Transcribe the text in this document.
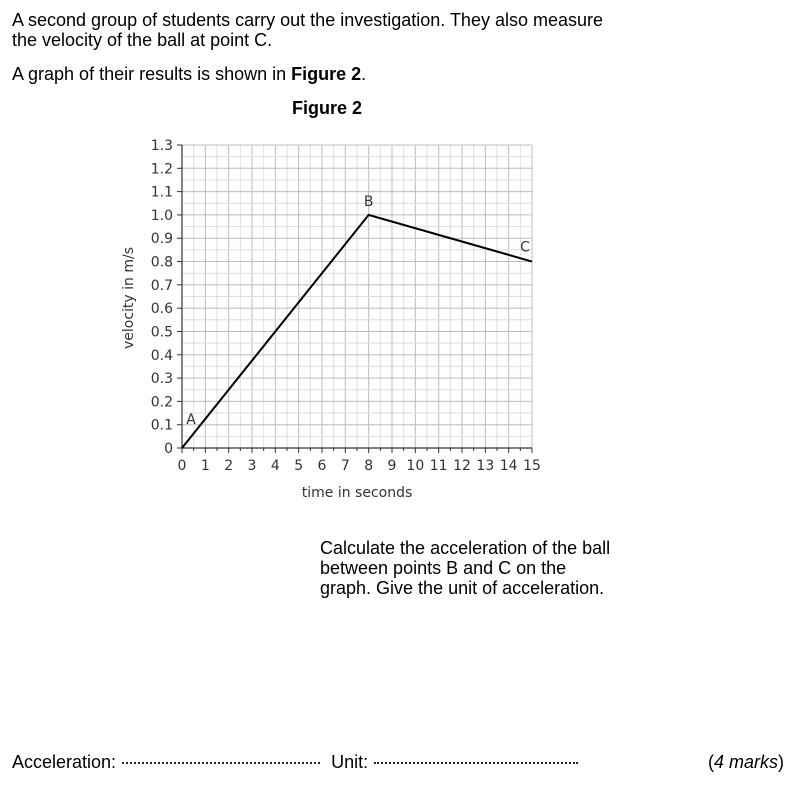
A second group of students carry out the investigation. They also measure the velocity of the ball at point C.

A graph of their results is shown in Figure 2.

Figure 2
0 1 2 3 4 5 6 7 8 9 10 11 12 13 14 15
0
0.1
0.2
0.3
0.4
0.5
0.6
0.7
0.8
0.9
1.0
1.1
1.2
1.3
A
B
C
time in seconds
velocity in m/s

Calculate the acceleration of the ball between points B and C on the graph. Give the unit of acceleration.

Acceleration:	Unit:	(4 marks)
